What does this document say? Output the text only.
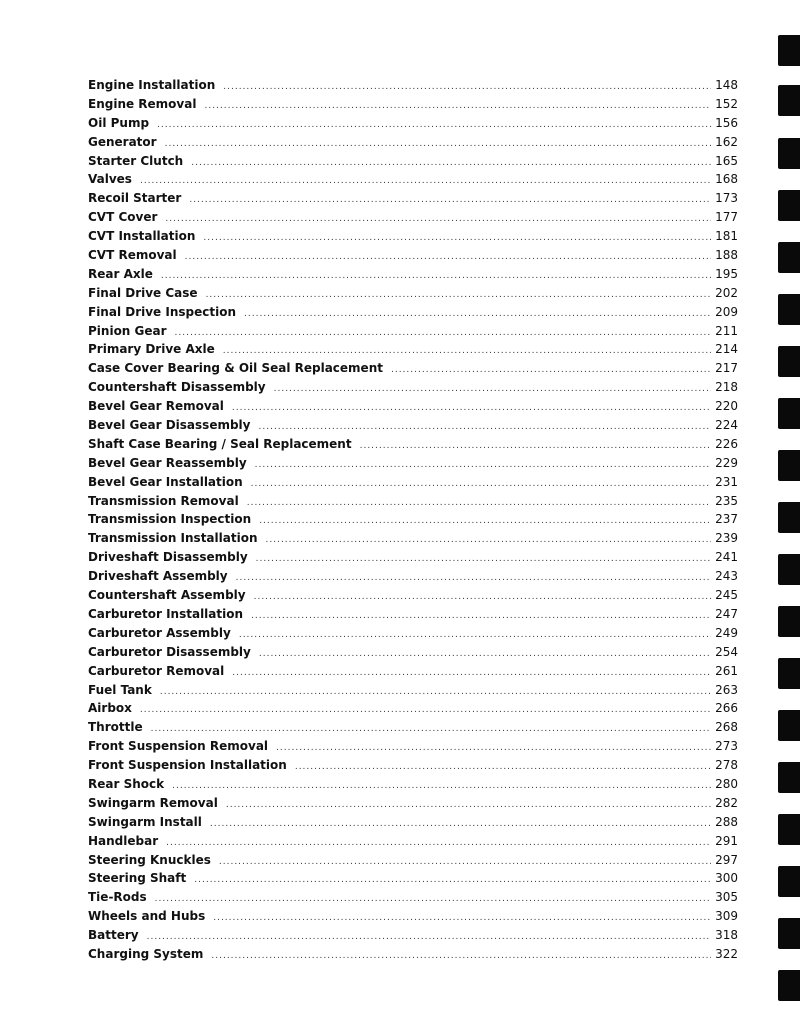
Engine Installation .....	148
Engine Removal .....	152
Oil Pump .....	156
Generator .....	162
Starter Clutch .....	165
Valves .....	168
Recoil Starter .....	173
CVT Cover .....	177
CVT Installation .....	181
CVT Removal .....	188
Rear Axle .....	195
Final Drive Case .....	202
Final Drive Inspection .....	209
Pinion Gear .....	211
Primary Drive Axle .....	214
Case Cover Bearing & Oil Seal Replacement .....	217
Countershaft Disassembly .....	218
Bevel Gear Removal .....	220
Bevel Gear Disassembly .....	224
Shaft Case Bearing / Seal Replacement .....	226
Bevel Gear Reassembly .....	229
Bevel Gear Installation .....	231
Transmission Removal .....	235
Transmission Inspection .....	237
Transmission Installation .....	239
Driveshaft Disassembly .....	241
Driveshaft Assembly .....	243
Countershaft Assembly .....	245
Carburetor Installation .....	247
Carburetor Assembly .....	249
Carburetor Disassembly .....	254
Carburetor Removal .....	261
Fuel Tank .....	263
Airbox .....	266
Throttle .....	268
Front Suspension Removal .....	273
Front Suspension Installation .....	278
Rear Shock .....	280
Swingarm Removal .....	282
Swingarm Install .....	288
Handlebar .....	291
Steering Knuckles .....	297
Steering Shaft .....	300
Tie-Rods .....	305
Wheels and Hubs .....	309
Battery .....	318
Charging System .....	322
